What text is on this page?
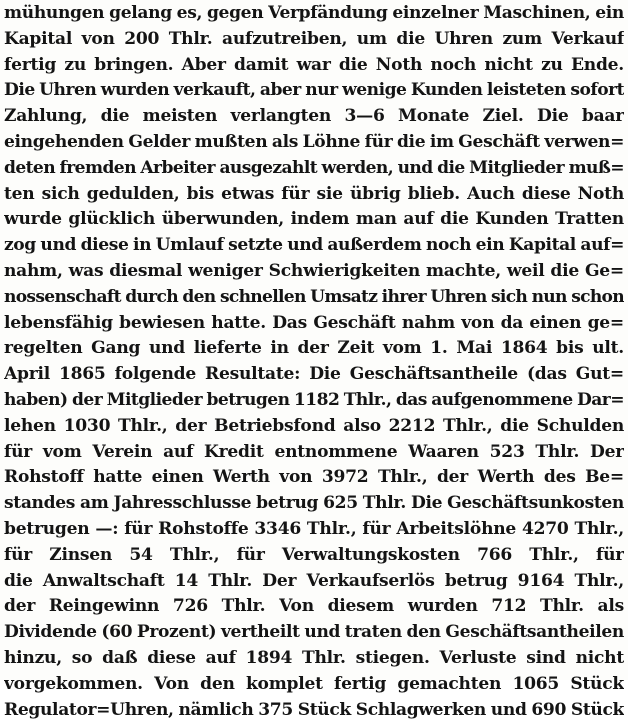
mühungen gelang es, gegen Verpfändung einzelner Maschinen, ein
Kapital von 200 Thlr. aufzutreiben, um die Uhren zum Verkauf
fertig zu bringen. Aber damit war die Noth noch nicht zu Ende.
Die Uhren wurden verkauft, aber nur wenige Kunden leisteten sofort
Zahlung, die meisten verlangten 3—6 Monate Ziel. Die baar
eingehenden Gelder mußten als Löhne für die im Geschäft verwen=
deten fremden Arbeiter ausgezahlt werden, und die Mitglieder muß=
ten sich gedulden, bis etwas für sie übrig blieb. Auch diese Noth
wurde glücklich überwunden, indem man auf die Kunden Tratten
zog und diese in Umlauf setzte und außerdem noch ein Kapital auf=
nahm, was diesmal weniger Schwierigkeiten machte, weil die Ge=
nossenschaft durch den schnellen Umsatz ihrer Uhren sich nun schon
lebensfähig bewiesen hatte. Das Geschäft nahm von da einen ge=
regelten Gang und lieferte in der Zeit vom 1. Mai 1864 bis ult.
April 1865 folgende Resultate: Die Geschäftsantheile (das Gut=
haben) der Mitglieder betrugen 1182 Thlr., das aufgenommene Dar=
lehen 1030 Thlr., der Betriebsfond also 2212 Thlr., die Schulden
für vom Verein auf Kredit entnommene Waaren 523 Thlr. Der
Rohstoff hatte einen Werth von 3972 Thlr., der Werth des Be=
standes am Jahresschlusse betrug 625 Thlr. Die Geschäftsunkosten
betrugen —: für Rohstoffe 3346 Thlr., für Arbeitslöhne 4270 Thlr.,
für Zinsen 54 Thlr., für Verwaltungskosten 766 Thlr., für
die Anwaltschaft 14 Thlr. Der Verkaufserlös betrug 9164 Thlr.,
der Reingewinn 726 Thlr. Von diesem wurden 712 Thlr. als
Dividende (60 Prozent) vertheilt und traten den Geschäftsantheilen
hinzu, so daß diese auf 1894 Thlr. stiegen. Verluste sind nicht
vorgekommen. Von den komplet fertig gemachten 1065 Stück
Regulator=Uhren, nämlich 375 Stück Schlagwerken und 690 Stück
